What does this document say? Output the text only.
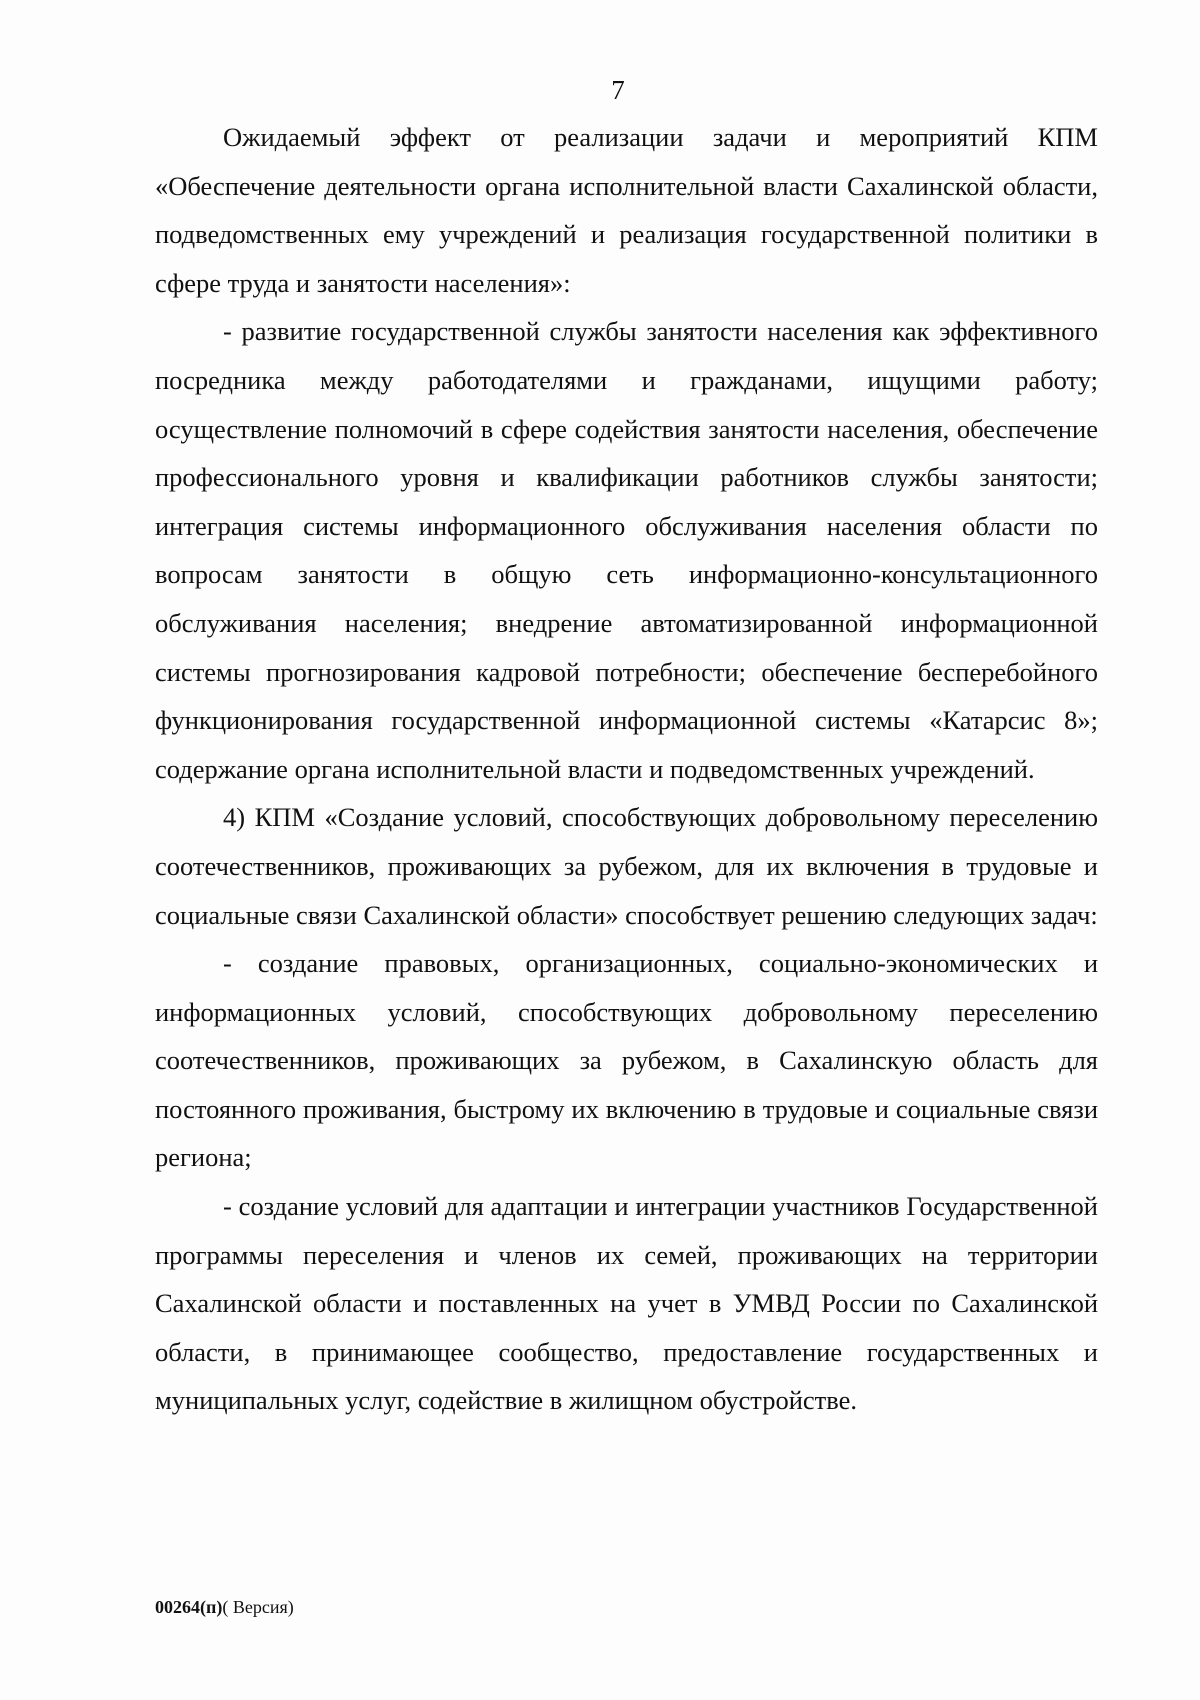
7

Ожидаемый эффект от реализации задачи и мероприятий КПМ «Обеспечение деятельности органа исполнительной власти Сахалинской области, подведомственных ему учреждений и реализация государственной политики в сфере труда и занятости населения»:

- развитие государственной службы занятости населения как эффективного посредника между работодателями и гражданами, ищущими работу; осуществление полномочий в сфере содействия занятости населения, обеспечение профессионального уровня и квалификации работников службы занятости; интеграция системы информационного обслуживания населения области по вопросам занятости в общую сеть информационно-консультационного обслуживания населения; внедрение автоматизированной информационной системы прогнозирования кадровой потребности; обеспечение бесперебойного функционирования государственной информационной системы «Катарсис 8»; содержание органа исполнительной власти и подведомственных учреждений.

4) КПМ «Создание условий, способствующих добровольному переселению соотечественников, проживающих за рубежом, для их включения в трудовые и социальные связи Сахалинской области» способствует решению следующих задач:

- создание правовых, организационных, социально-экономических и информационных условий, способствующих добровольному переселению соотечественников, проживающих за рубежом, в Сахалинскую область для постоянного проживания, быстрому их включению в трудовые и социальные связи региона;

- создание условий для адаптации и интеграции участников Государственной программы переселения и членов их семей, проживающих на территории Сахалинской области и поставленных на учет в УМВД России по Сахалинской области, в принимающее сообщество, предоставление государственных и муниципальных услуг, содействие в жилищном обустройстве.

00264(п)( Версия)
